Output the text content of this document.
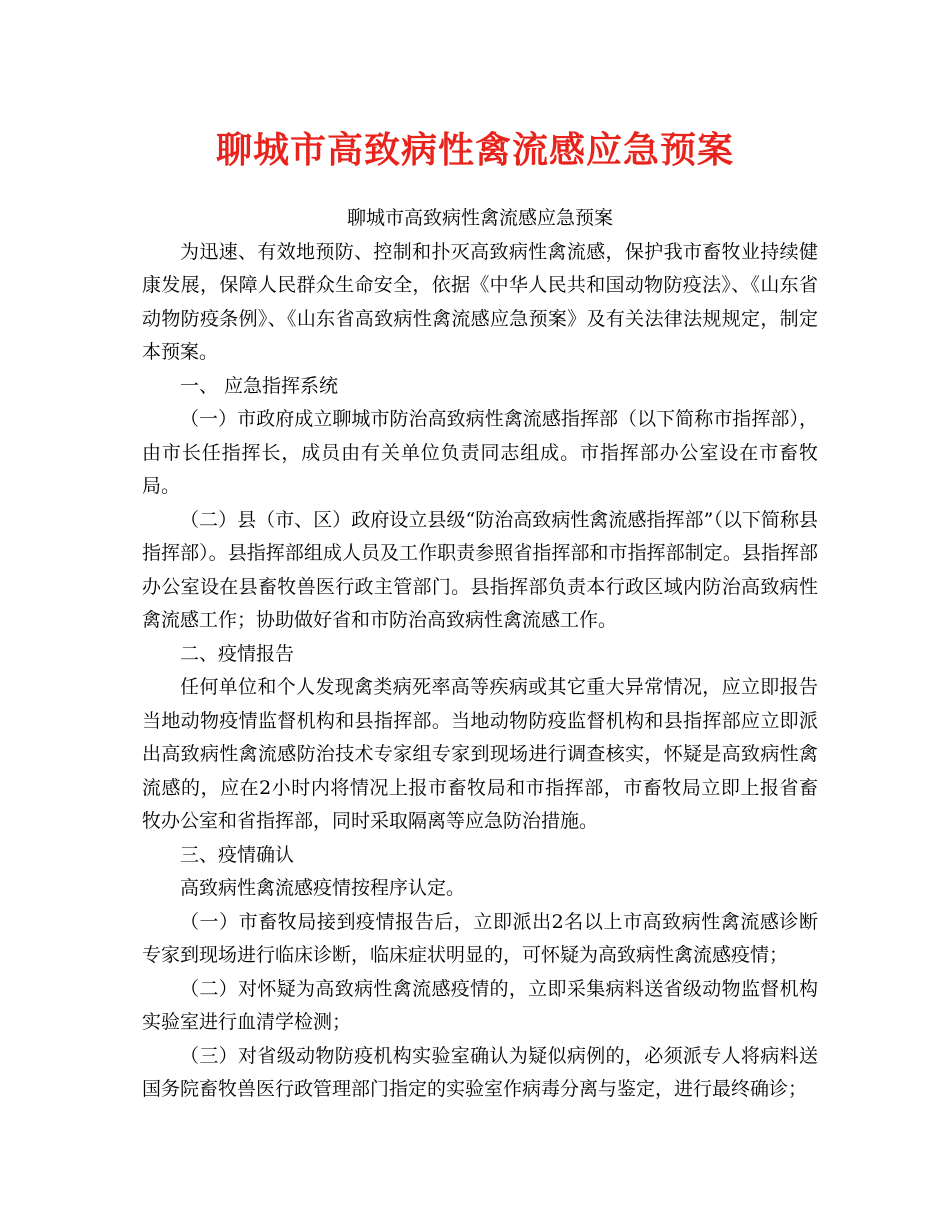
聊城市高致病性禽流感应急预案

聊城市高致病性禽流感应急预案

为迅速、有效地预防、控制和扑灭高致病性禽流感，保护我市畜牧业持续健康发展，保障人民群众生命安全，依据《中华人民共和国动物防疫法》、《山东省动物防疫条例》、《山东省高致病性禽流感应急预案》及有关法律法规规定，制定本预案。

一、 应急指挥系统

（一）市政府成立聊城市防治高致病性禽流感指挥部（以下简称市指挥部），由市长任指挥长，成员由有关单位负责同志组成。市指挥部办公室设在市畜牧局。

（二）县（市、区）政府设立县级“防治高致病性禽流感指挥部”（以下简称县指挥部）。县指挥部组成人员及工作职责参照省指挥部和市指挥部制定。县指挥部办公室设在县畜牧兽医行政主管部门。县指挥部负责本行政区域内防治高致病性禽流感工作；协助做好省和市防治高致病性禽流感工作。

二、疫情报告

任何单位和个人发现禽类病死率高等疾病或其它重大异常情况，应立即报告当地动物疫情监督机构和县指挥部。当地动物防疫监督机构和县指挥部应立即派出高致病性禽流感防治技术专家组专家到现场进行调查核实，怀疑是高致病性禽流感的，应在2小时内将情况上报市畜牧局和市指挥部，市畜牧局立即上报省畜牧办公室和省指挥部，同时采取隔离等应急防治措施。

三、疫情确认

高致病性禽流感疫情按程序认定。

（一）市畜牧局接到疫情报告后，立即派出2名以上市高致病性禽流感诊断专家到现场进行临床诊断，临床症状明显的，可怀疑为高致病性禽流感疫情；

（二）对怀疑为高致病性禽流感疫情的，立即采集病料送省级动物监督机构实验室进行血清学检测；

（三）对省级动物防疫机构实验室确认为疑似病例的，必须派专人将病料送国务院畜牧兽医行政管理部门指定的实验室作病毒分离与鉴定，进行最终确诊；
